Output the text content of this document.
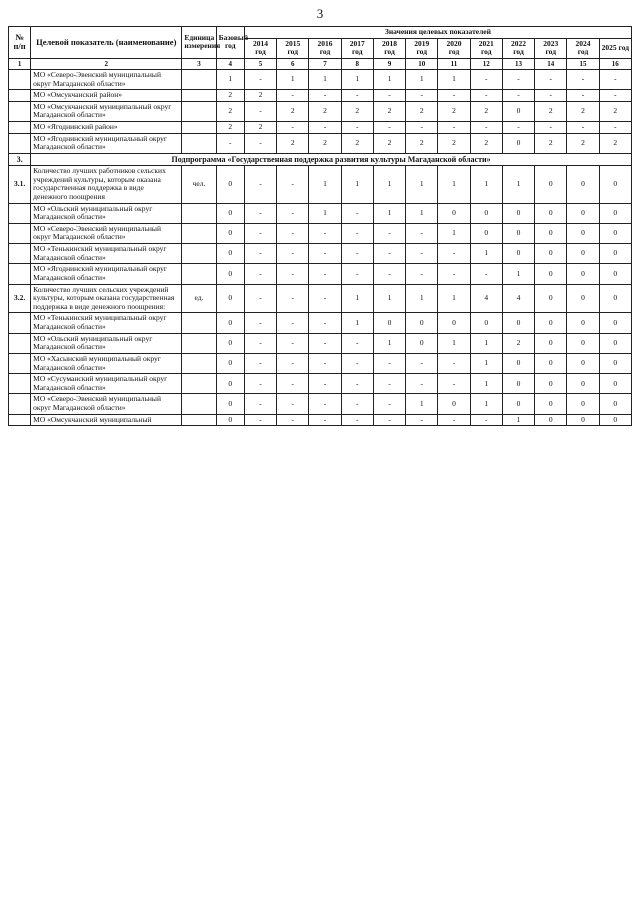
3
№ п/п	Целевой показатель (наименование)	Единица измерения	Базовый год	Значения целевых показателей											
				2014 год	2015 год	2016 год	2017 год	2018 год	2019 год	2020 год	2021 год	2022 год	2023 год	2024 год	2025 год
1	2	3	4	5	6	7	8	9	10	11	12	13	14	15	16
	МО «Северо-Эвенский муниципальный округ Магаданской области»		1	-	1	1	1	1	1	1	-	-	-	-	-
	МО «Омсукчанский район»		2	2	-	-	-	-	-	-	-	-	-	-	-
	МО «Омсукчанский муниципальный округ Магаданской области»		2	-	2	2	2	2	2	2	2	0	2	2	2
	МО «Ягоднинский район»		2	2	-	-	-	-	-	-	-	-	-	-	-
	МО «Ягоднинский муниципальный округ Магаданской области»		-	-	2	2	2	2	2	2	2	0	2	2	2
3.	Подпрограмма «Государственная поддержка развития культуры Магаданской области»														
3.1.	Количество лучших работников сельских учреждений культуры, которым оказана государственная поддержка в виде денежного поощрения	чел.	0	-	-	1	1	1	1	1	1	1	0	0	0
	МО «Ольский муниципальный округ Магаданской области»		0	-	-	1	-	1	1	0	0	0	0	0	0
	МО «Северо-Эвенский муниципальный округ Магаданской области»		0	-	-	-	-	-	-	1	0	0	0	0	0
	МО «Тенькинский муниципальный округ Магаданской области»		0	-	-	-	-	-	-	-	1	0	0	0	0
	МО «Ягоднинский муниципальный округ Магаданской области»		0	-	-	-	-	-	-	-	-	1	0	0	0
3.2.	Количество лучших сельских учреждений культуры, которым оказана государственная поддержка в виде денежного поощрения:	ед.	0	-	-	-	1	1	1	1	4	4	0	0	0
	МО «Тенькинский муниципальный округ Магаданской области»		0	-	-	-	1	0	0	0	0	0	0	0	0
	МО «Ольский муниципальный округ Магаданской области»		0	-	-	-	-	1	0	1	1	2	0	0	0
	МО «Хасынский муниципальный округ Магаданской области»		0	-	-	-	-	-	-	-	1	0	0	0	0
	МО «Сусуманский муниципальный округ Магаданской области»		0	-	-	-	-	-	-	-	1	0	0	0	0
	МО «Северо-Эвенский муниципальный округ Магаданской области»		0	-	-	-	-	-	1	0	1	0	0	0	0
	МО «Омсукчанский муниципальный		0	-	-	-	-	-	-	-	-	1	0	0	0
